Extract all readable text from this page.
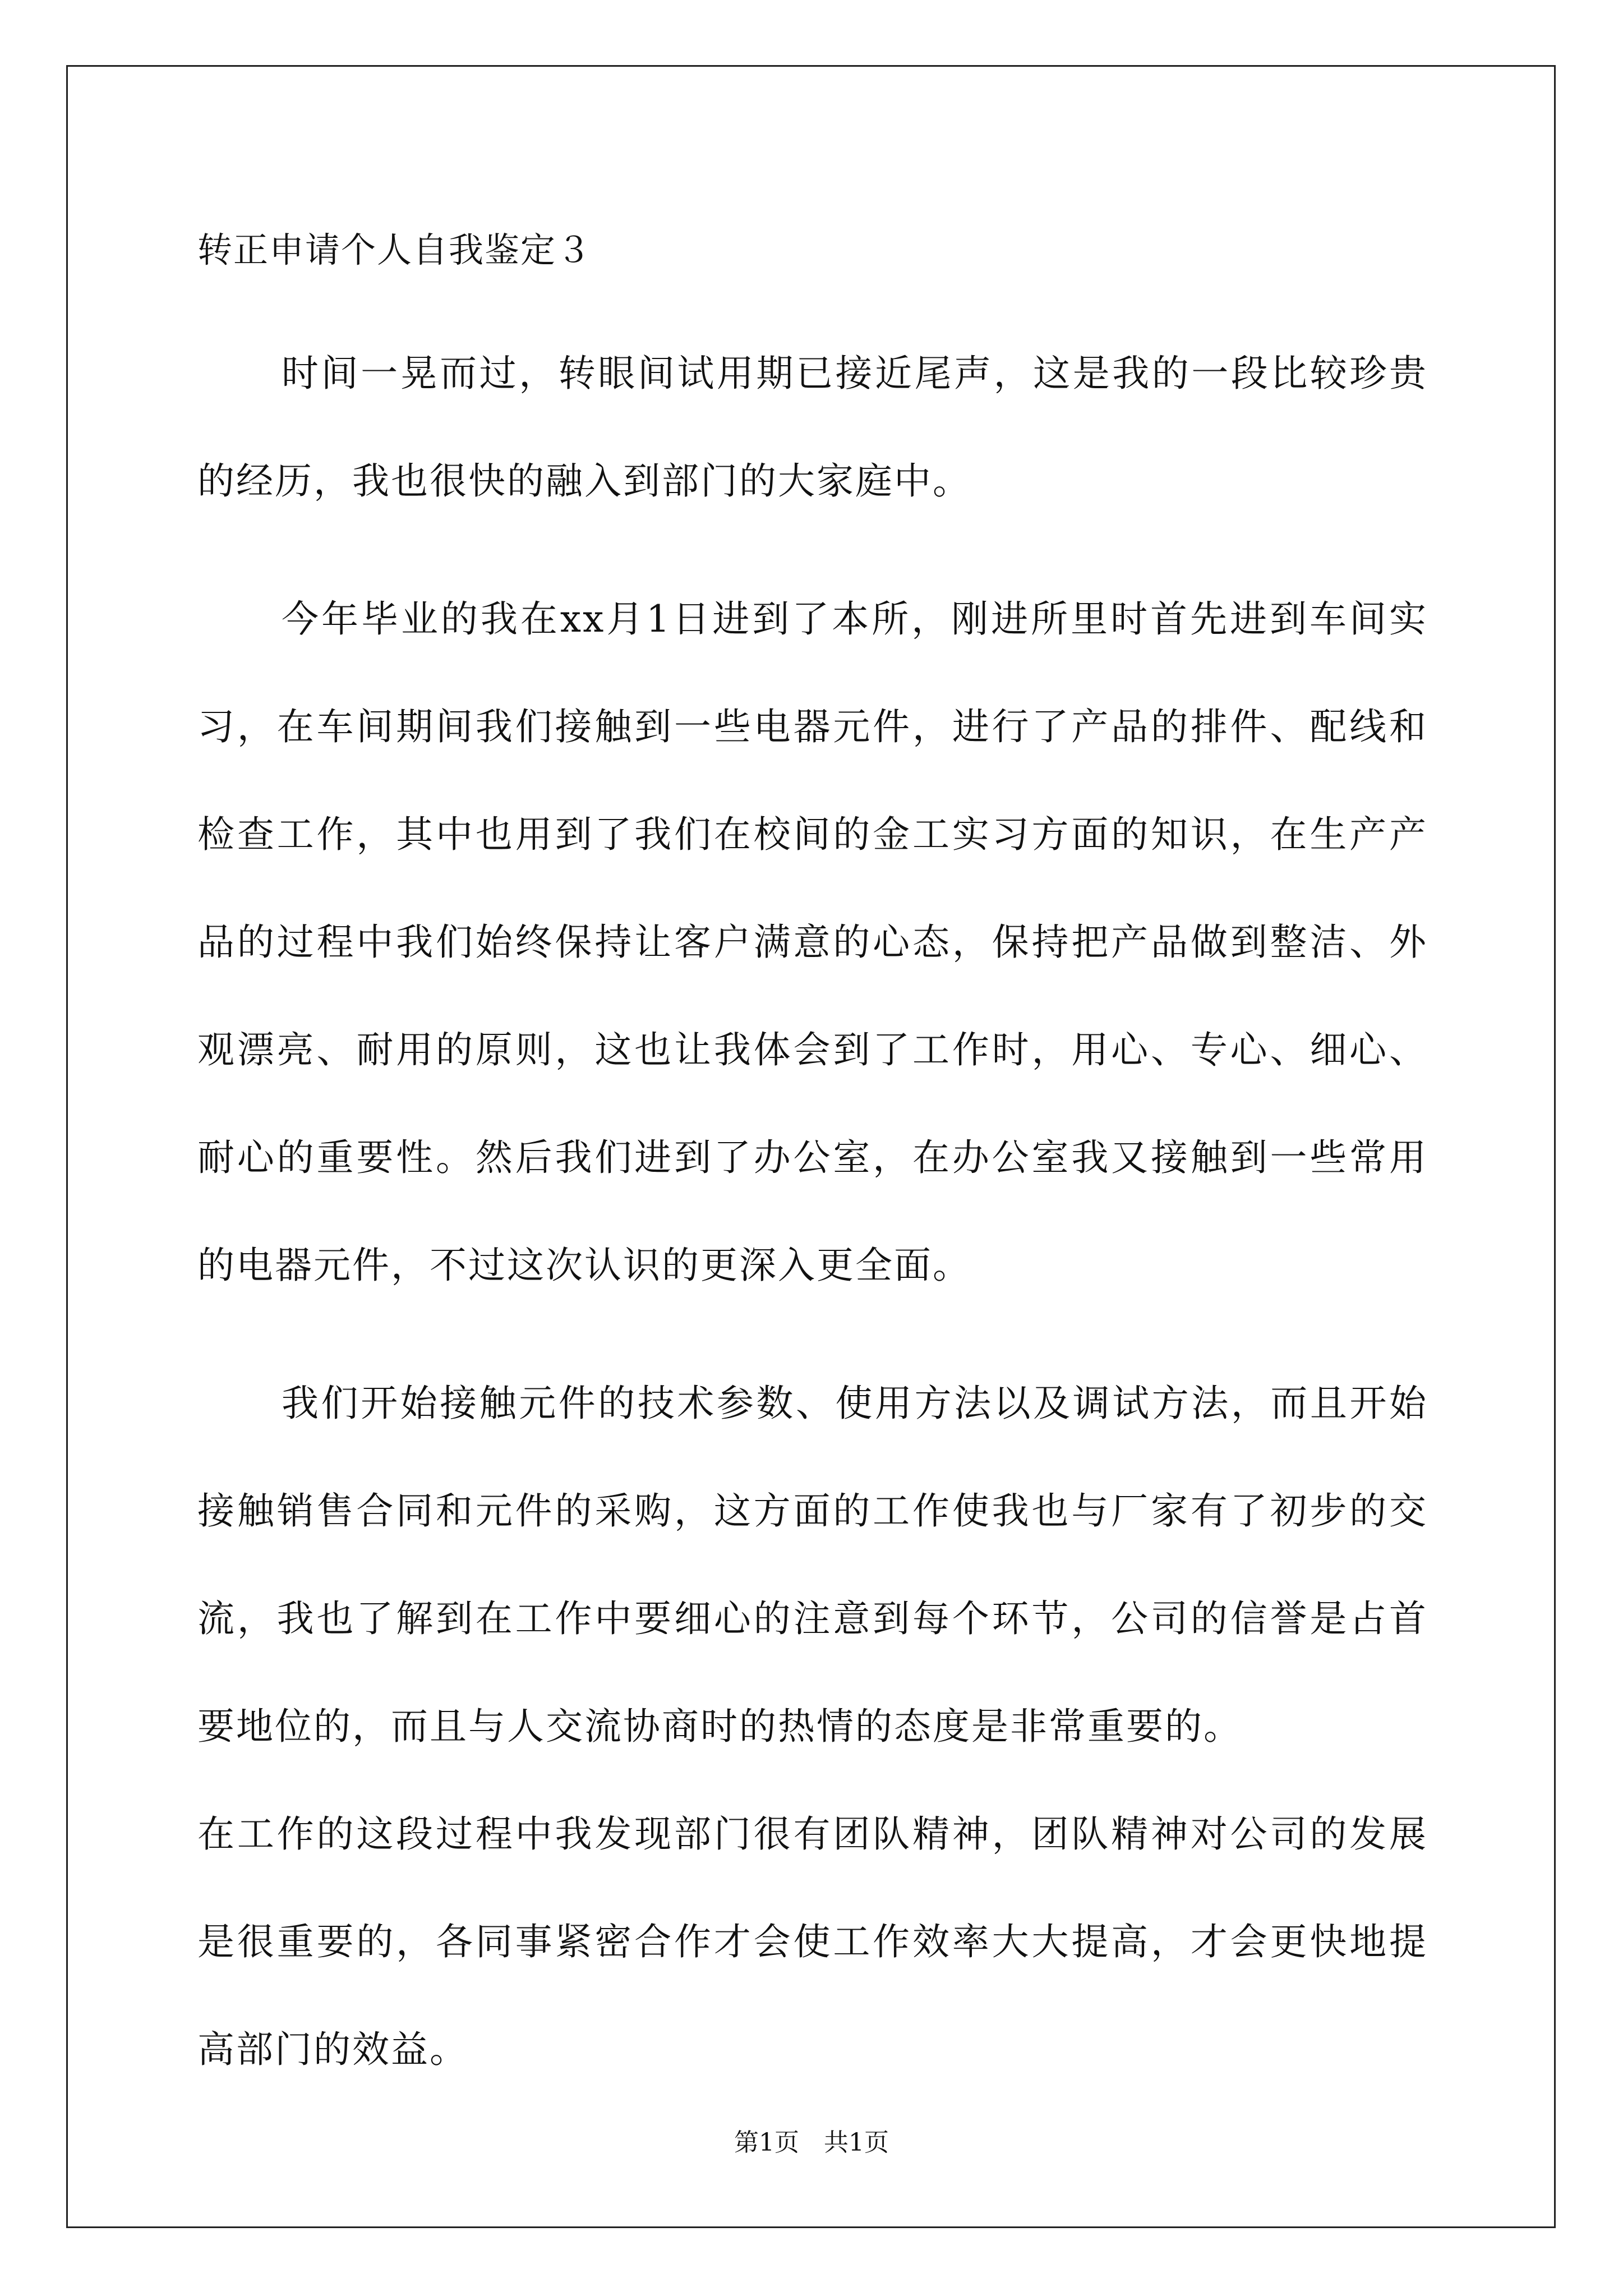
转正申请个人自我鉴定３

时间一晃而过，转眼间试用期已接近尾声，这是我的一段比较珍贵的经历，我也很快的融入到部门的大家庭中。

今年毕业的我在xx月1日进到了本所，刚进所里时首先进到车间实习，在车间期间我们接触到一些电器元件，进行了产品的排件、配线和检查工作，其中也用到了我们在校间的金工实习方面的知识，在生产产品的过程中我们始终保持让客户满意的心态，保持把产品做到整洁、外观漂亮、耐用的原则，这也让我体会到了工作时，用心、专心、细心、耐心的重要性。然后我们进到了办公室，在办公室我又接触到一些常用的电器元件，不过这次认识的更深入更全面。

我们开始接触元件的技术参数、使用方法以及调试方法，而且开始接触销售合同和元件的采购，这方面的工作使我也与厂家有了初步的交流，我也了解到在工作中要细心的注意到每个环节，公司的信誉是占首要地位的，而且与人交流协商时的热情的态度是非常重要的。

在工作的这段过程中我发现部门很有团队精神，团队精神对公司的发展是很重要的，各同事紧密合作才会使工作效率大大提高，才会更快地提高部门的效益。

第1页　共1页
